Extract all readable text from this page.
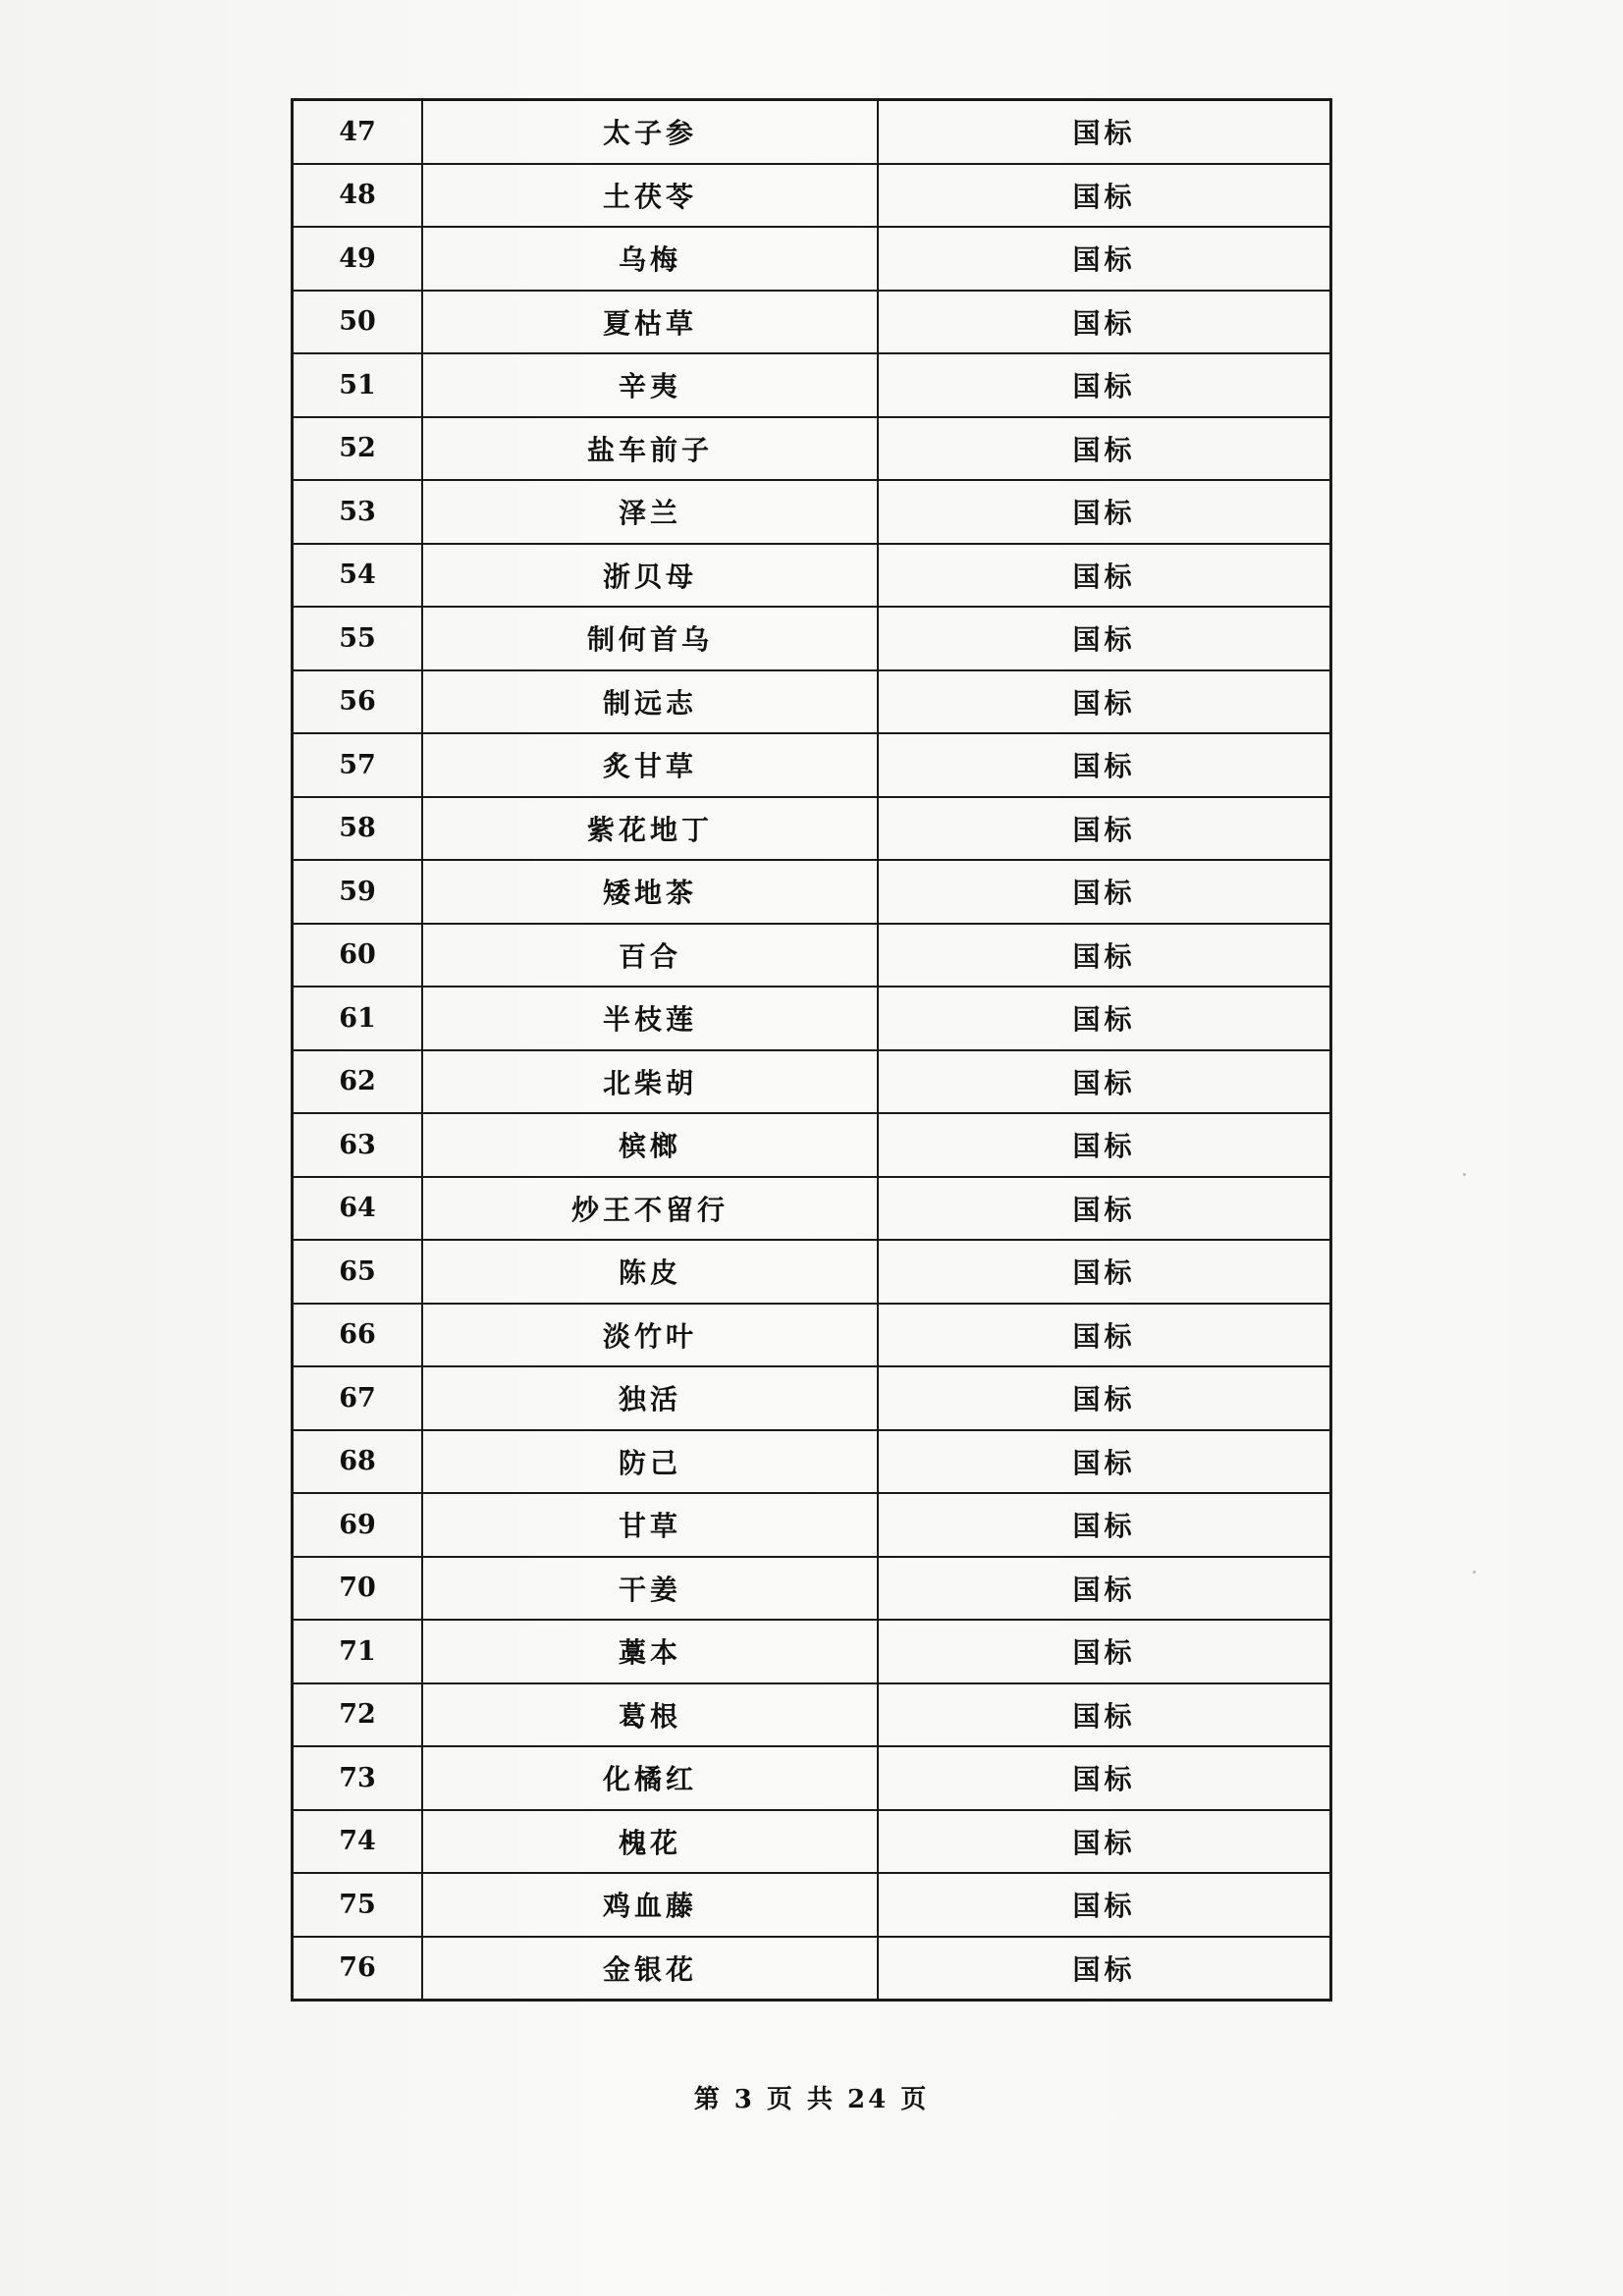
47	太子参	国标
48	土茯苓	国标
49	乌梅	国标
50	夏枯草	国标
51	辛夷	国标
52	盐车前子	国标
53	泽兰	国标
54	浙贝母	国标
55	制何首乌	国标
56	制远志	国标
57	炙甘草	国标
58	紫花地丁	国标
59	矮地茶	国标
60	百合	国标
61	半枝莲	国标
62	北柴胡	国标
63	槟榔	国标
64	炒王不留行	国标
65	陈皮	国标
66	淡竹叶	国标
67	独活	国标
68	防己	国标
69	甘草	国标
70	干姜	国标
71	藁本	国标
72	葛根	国标
73	化橘红	国标
74	槐花	国标
75	鸡血藤	国标
76	金银花	国标
第 3 页 共 24 页
